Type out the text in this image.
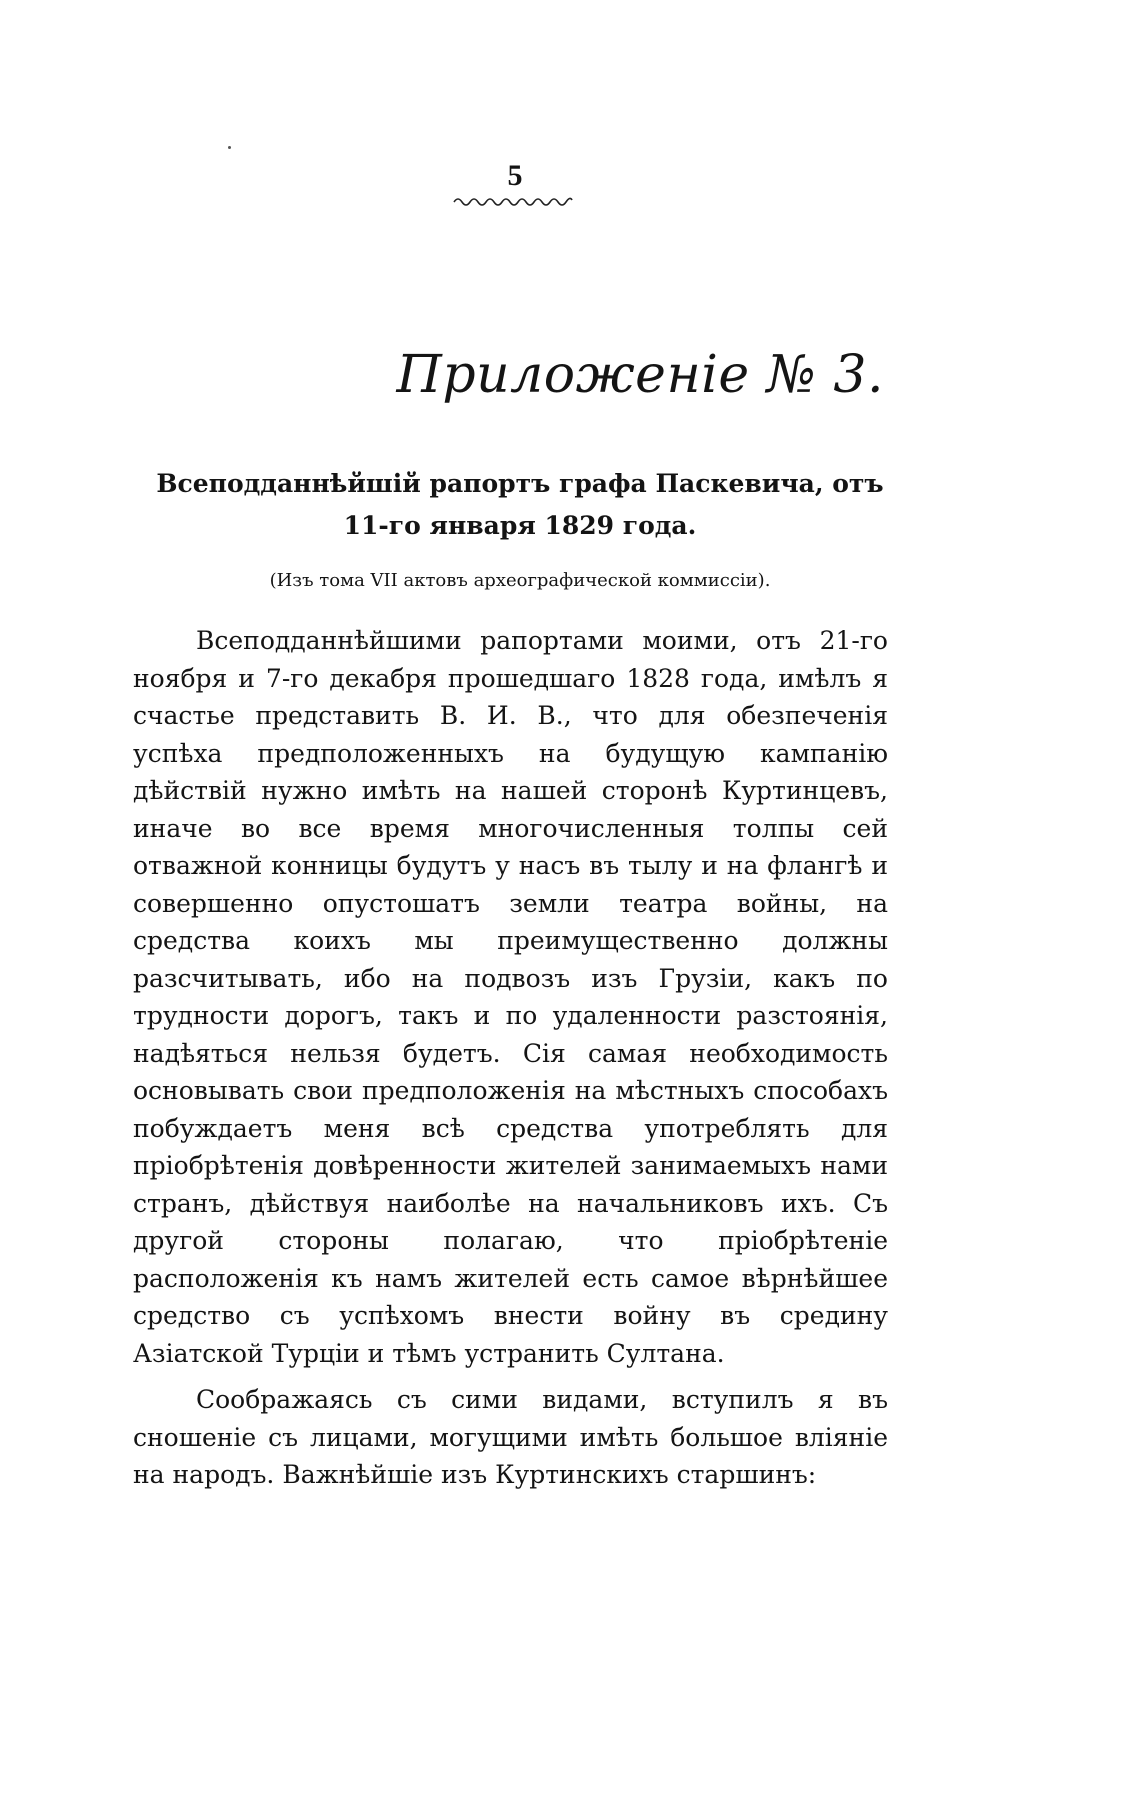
5
Приложеніе № 3.
Всеподданнѣйшій рапортъ графа Паскевича, отъ 11-го января 1829 года.
(Изъ тома VII актовъ археографической коммиссіи).

Всеподданнѣйшими рапортами моими, отъ 21-го ноября и 7-го декабря прошедшаго 1828 года, имѣлъ я счастье представить В. И. В., что для обезпеченія успѣха предположенныхъ на будущую кампанію дѣйствій нужно имѣть на нашей сторонѣ Куртинцевъ, иначе во все время многочисленныя толпы сей отважной конницы будутъ у насъ въ тылу и на флангѣ и совершенно опустошатъ земли театра войны, на средства коихъ мы преимущественно должны разсчитывать, ибо на подвозъ изъ Грузіи, какъ по трудности дорогъ, такъ и по удаленности разстоянія, надѣяться нельзя будетъ. Сія самая необходимость основывать свои предположенія на мѣстныхъ способахъ побуждаетъ меня всѣ средства употреблять для пріобрѣтенія довѣренности жителей занимаемыхъ нами странъ, дѣйствуя наиболѣе на начальниковъ ихъ. Съ другой стороны полагаю, что пріобрѣтеніе расположенія къ намъ жителей есть самое вѣрнѣйшее средство съ успѣхомъ внести войну въ средину Азіатской Турціи и тѣмъ устранить Султана.

Соображаясь съ сими видами, вступилъ я въ сношеніе съ лицами, могущими имѣть большое вліяніе на народъ. Важнѣйшіе изъ Куртинскихъ старшинъ:
